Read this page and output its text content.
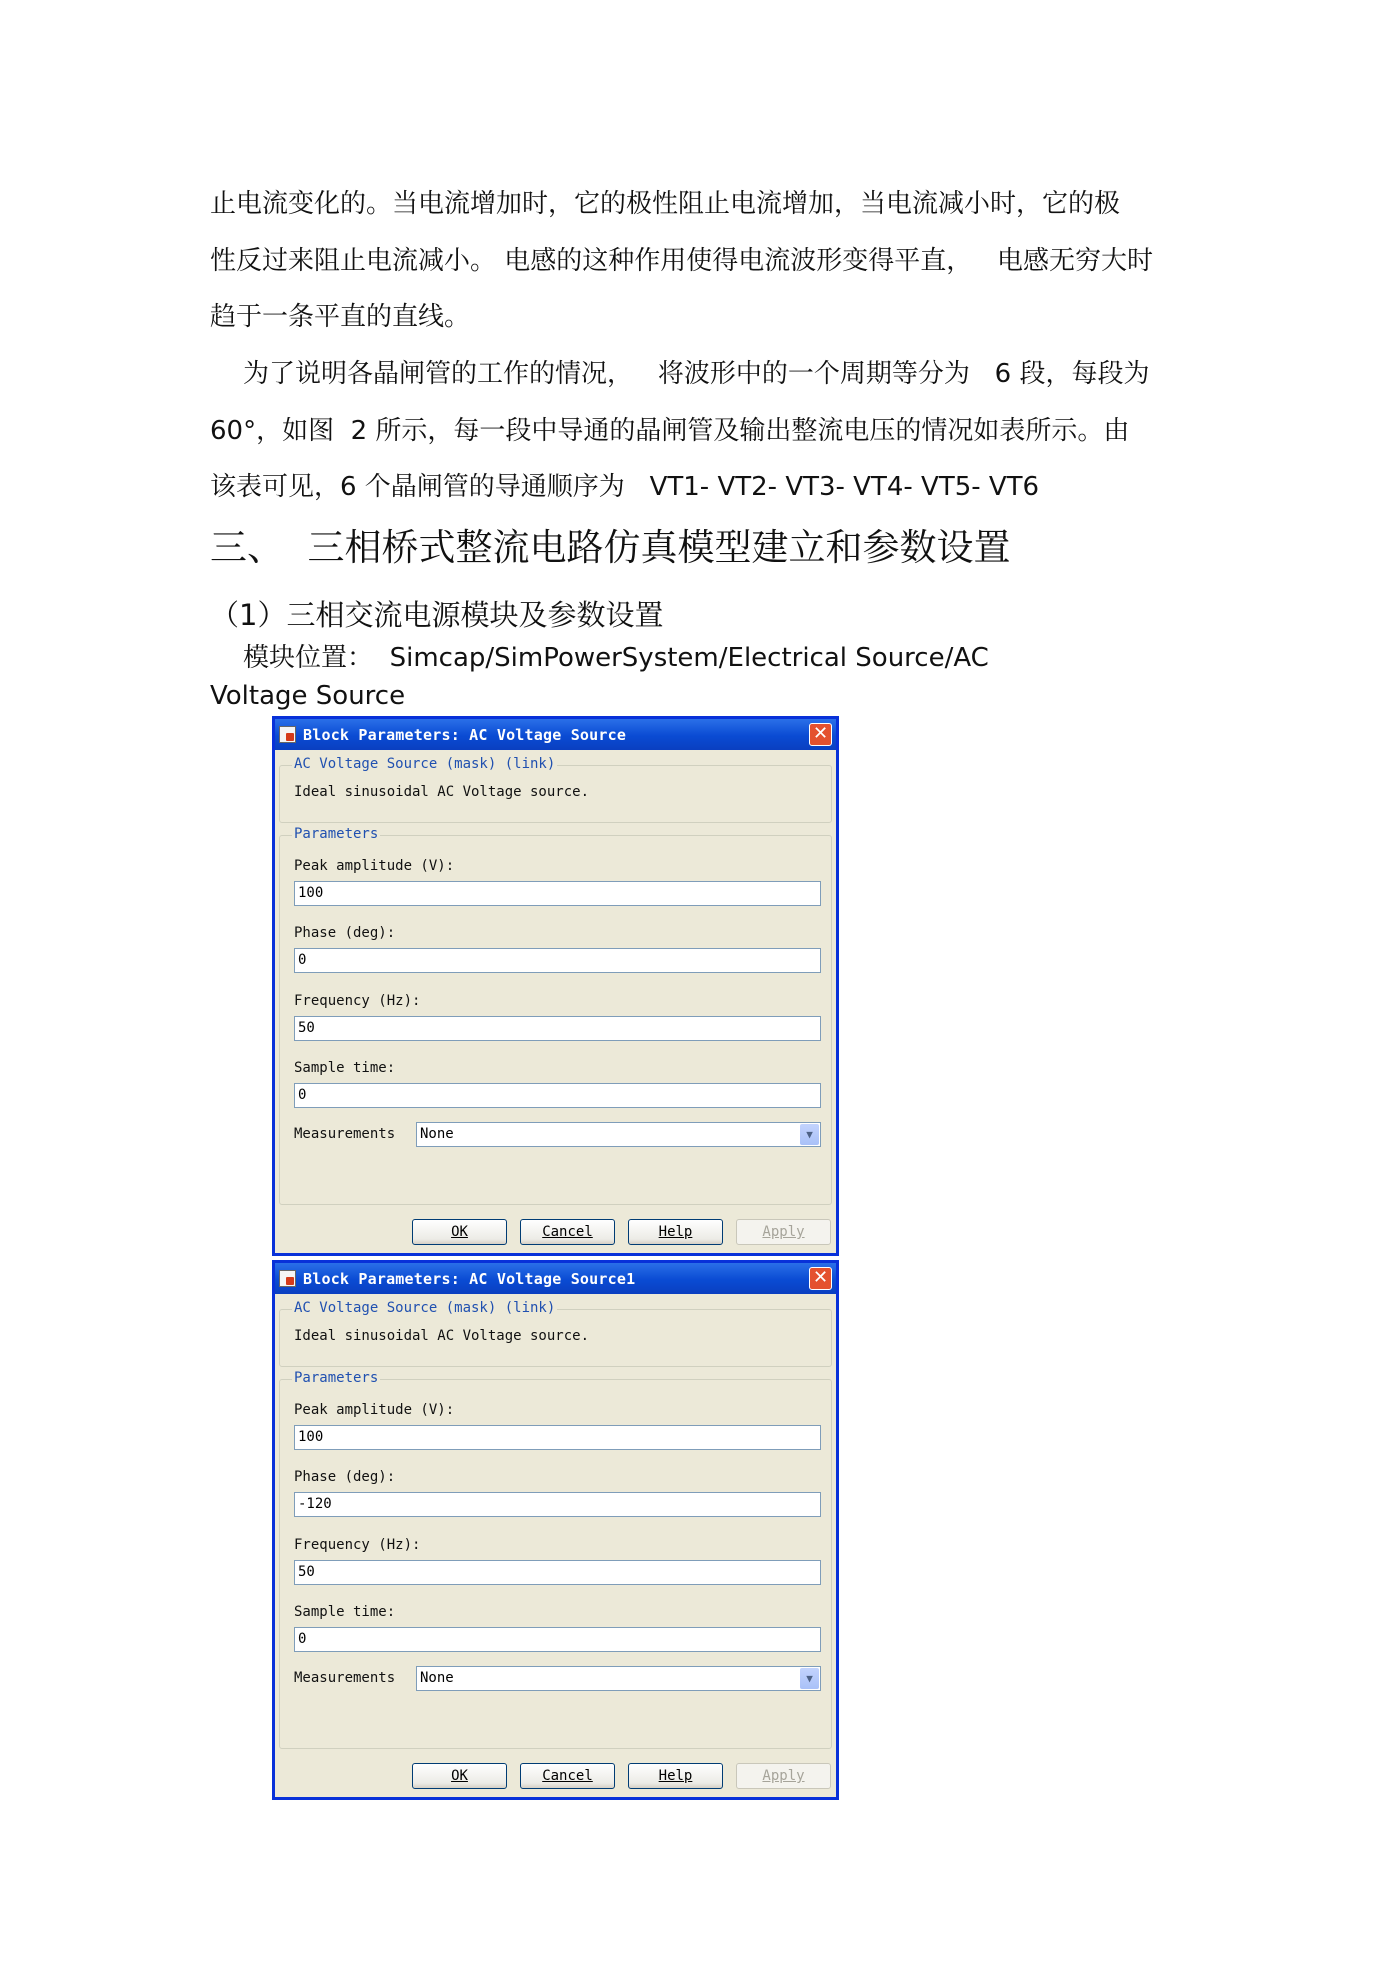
止电流变化的。当电流增加时，它的极性阻止电流增加，当电流减小时，它的极
性反过来阻止电流减小。 电感的这种作用使得电流波形变得平直，   电感无穷大时
趋于一条平直的直线。
为了说明各晶闸管的工作的情况，   将波形中的一个周期等分为   6 段，每段为
60°，如图  2 所示，每一段中导通的晶闸管及输出整流电压的情况如表所示。由
该表可见，6 个晶闸管的导通顺序为   VT1- VT2- VT3- VT4- VT5- VT6
三、  三相桥式整流电路仿真模型建立和参数设置
（1）三相交流电源模块及参数设置
模块位置：  Simcap/SimPowerSystem/Electrical Source/AC
Voltage Source
Block Parameters: AC Voltage Source	✕
AC Voltage Source (mask) (link)
Ideal sinusoidal AC Voltage source.
Parameters
Peak amplitude (V):
100
Phase (deg):
0
Frequency (Hz):
50
Sample time:
0
Measurements None	▼
OK	Cancel	Help	Apply
Block Parameters: AC Voltage Source1	✕
AC Voltage Source (mask) (link)
Ideal sinusoidal AC Voltage source.
Parameters
Peak amplitude (V):
100
Phase (deg):
-120
Frequency (Hz):
50
Sample time:
0
Measurements None	▼
OK	Cancel	Help	Apply
